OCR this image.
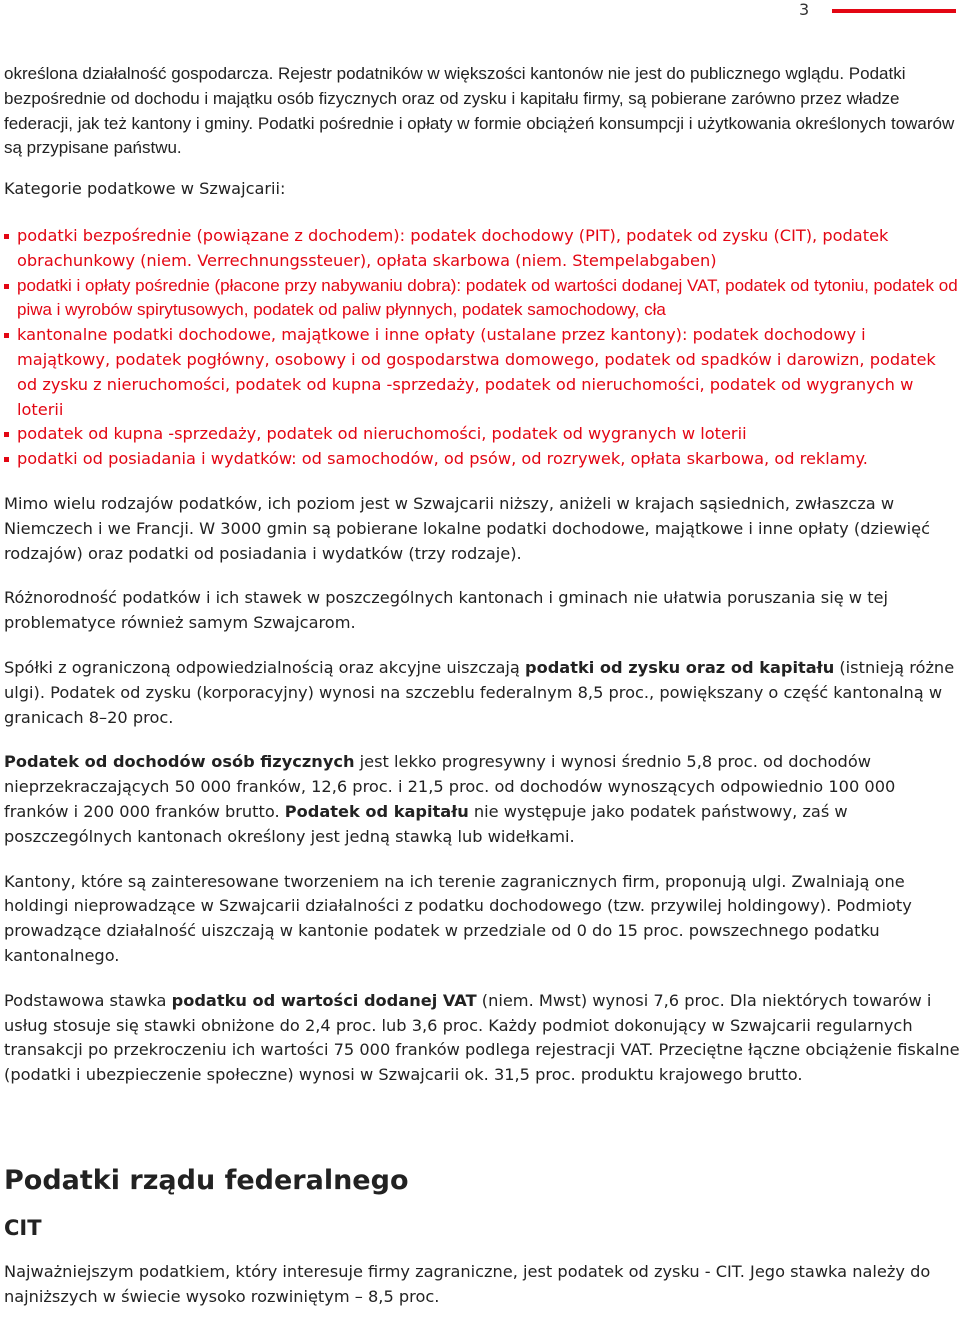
3

określona działalność gospodarcza. Rejestr podatników w większości kantonów nie jest do publicznego wglądu. Podatki bezpośrednie od dochodu i majątku osób fizycznych oraz od zysku i kapitału firmy, są pobierane zarówno przez władze federacji, jak też kantony i gminy. Podatki pośrednie i opłaty w formie obciążeń konsumpcji i użytkowania określonych towarów są przypisane państwu.

Kategorie podatkowe w Szwajcarii:

podatki bezpośrednie (powiązane z dochodem): podatek dochodowy (PIT), podatek od zysku (CIT), podatek obrachunkowy (niem. Verrechnungssteuer), opłata skarbowa (niem. Stempelabgaben)
podatki i opłaty pośrednie (płacone przy nabywaniu dobra): podatek od wartości dodanej VAT, podatek od tytoniu, podatek od piwa i wyrobów spirytusowych, podatek od paliw płynnych, podatek samochodowy, cła
kantonalne podatki dochodowe, majątkowe i inne opłaty (ustalane przez kantony): podatek dochodowy i majątkowy, podatek pogłówny, osobowy i od gospodarstwa domowego, podatek od spadków i darowizn, podatek od zysku z nieruchomości, podatek od kupna -sprzedaży, podatek od nieruchomości, podatek od wygranych w loterii
podatek od kupna -sprzedaży, podatek od nieruchomości, podatek od wygranych w loterii
podatki od posiadania i wydatków: od samochodów, od psów, od rozrywek, opłata skarbowa, od reklamy.

Mimo wielu rodzajów podatków, ich poziom jest w Szwajcarii niższy, aniżeli w krajach sąsiednich, zwłaszcza w Niemczech i we Francji. W 3000 gmin są pobierane lokalne podatki dochodowe, majątkowe i inne opłaty (dziewięć rodzajów) oraz podatki od posiadania i wydatków (trzy rodzaje).

Różnorodność podatków i ich stawek w poszczególnych kantonach i gminach nie ułatwia poruszania się w tej problematyce również samym Szwajcarom.

Spółki z ograniczoną odpowiedzialnością oraz akcyjne uiszczają podatki od zysku oraz od kapitału (istnieją różne ulgi). Podatek od zysku (korporacyjny) wynosi na szczeblu federalnym 8,5 proc., powiększany o część kantonalną w granicach 8–20 proc.

Podatek od dochodów osób fizycznych jest lekko progresywny i wynosi średnio 5,8 proc. od dochodów nieprzekraczających 50 000 franków, 12,6 proc. i 21,5 proc. od dochodów wynoszących odpowiednio 100 000 franków i 200 000 franków brutto. Podatek od kapitału nie występuje jako podatek państwowy, zaś w poszczególnych kantonach określony jest jedną stawką lub widełkami.

Kantony, które są zainteresowane tworzeniem na ich terenie zagranicznych firm, proponują ulgi. Zwalniają one holdingi nieprowadzące w Szwajcarii działalności z podatku dochodowego (tzw. przywilej holdingowy). Podmioty prowadzące działalność uiszczają w kantonie podatek w przedziale od 0 do 15 proc. powszechnego podatku kantonalnego.

Podstawowa stawka podatku od wartości dodanej VAT (niem. Mwst) wynosi 7,6 proc. Dla niektórych towarów i usług stosuje się stawki obniżone do 2,4 proc. lub 3,6 proc. Każdy podmiot dokonujący w Szwajcarii regularnych transakcji po przekroczeniu ich wartości 75 000 franków podlega rejestracji VAT. Przeciętne łączne obciążenie fiskalne (podatki i ubezpieczenie społeczne) wynosi w Szwajcarii ok. 31,5 proc. produktu krajowego brutto.

Podatki rządu federalnego
CIT

Najważniejszym podatkiem, który interesuje firmy zagraniczne, jest podatek od zysku - CIT. Jego stawka należy do najniższych w świecie wysoko rozwiniętym – 8,5 proc.
